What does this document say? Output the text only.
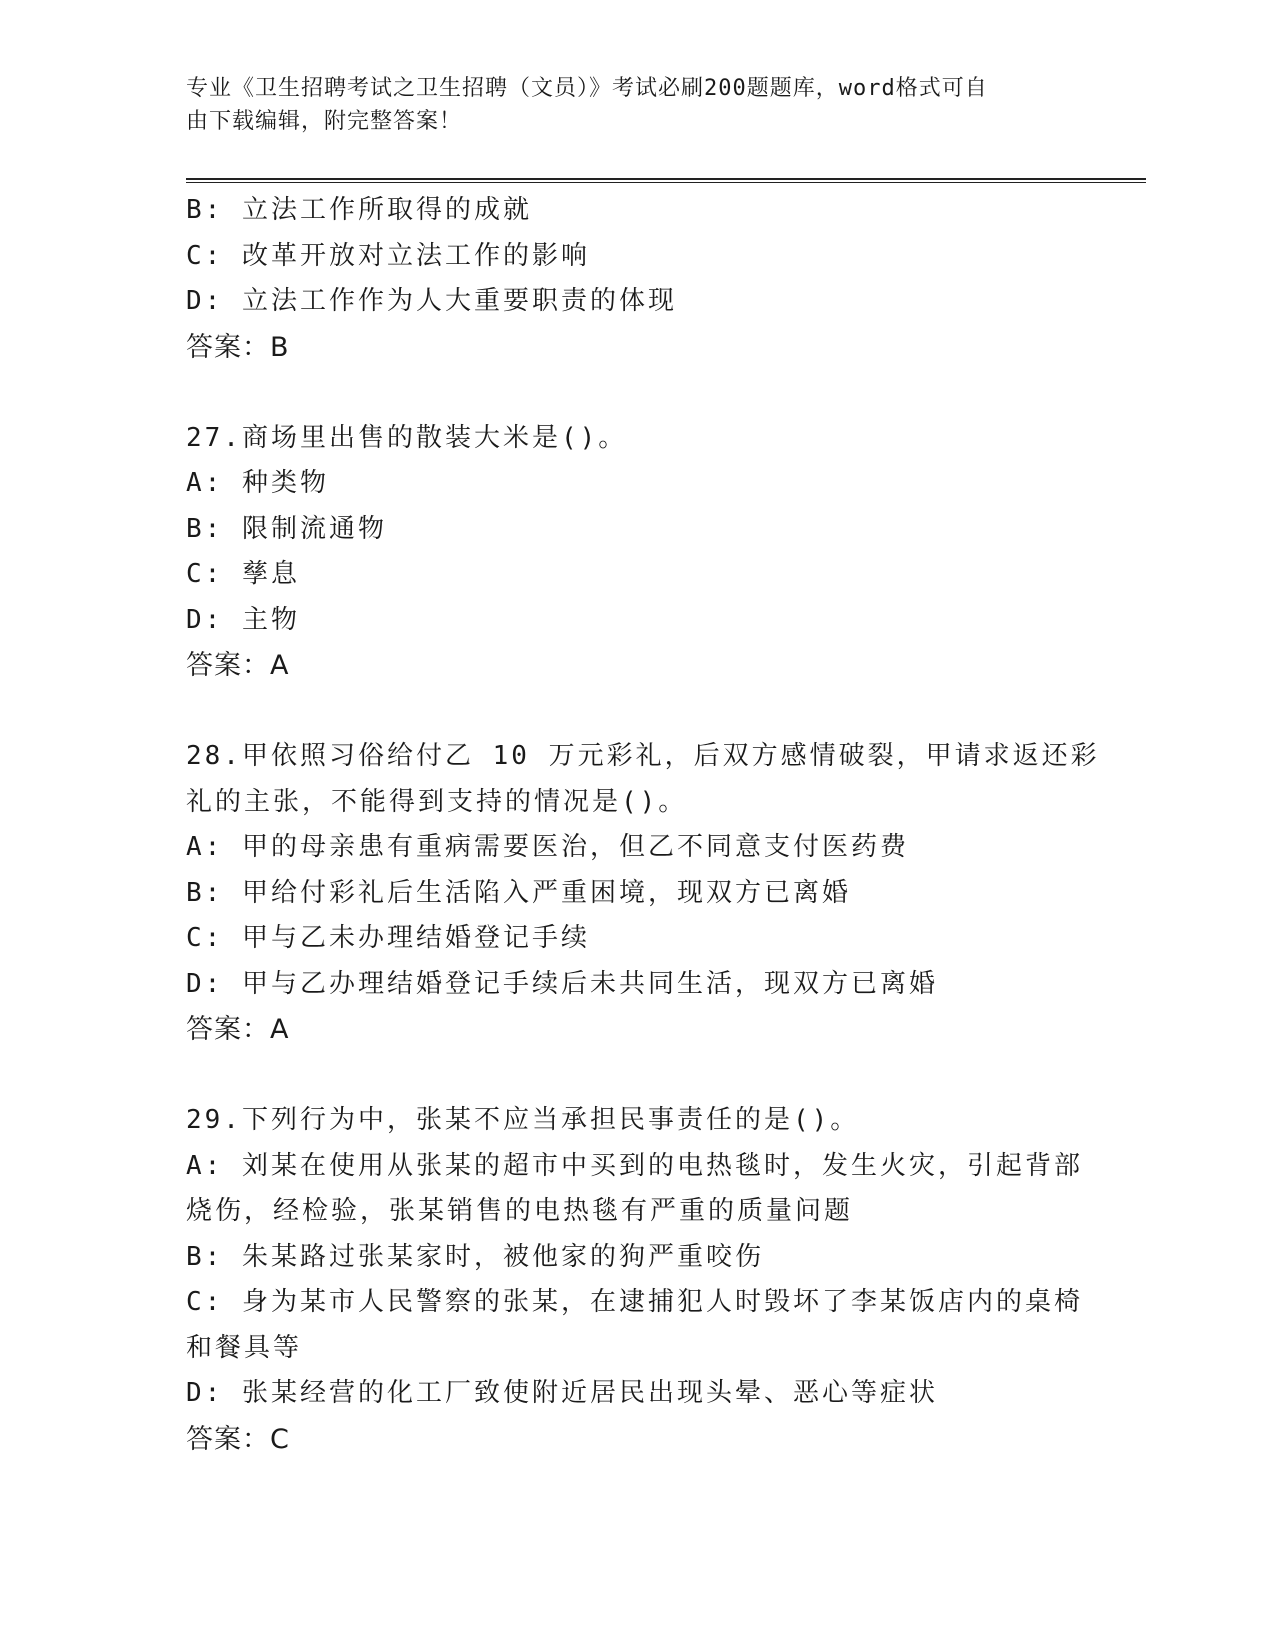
专业《卫生招聘考试之卫生招聘（文员）》考试必刷200题题库，word格式可自
由下载编辑，附完整答案！
B: 立法工作所取得的成就
C: 改革开放对立法工作的影响
D: 立法工作作为人大重要职责的体现
答案：B
27.商场里出售的散装大米是()。
A: 种类物
B: 限制流通物
C: 孳息
D: 主物
答案：A
28.甲依照习俗给付乙 10 万元彩礼，后双方感情破裂，甲请求返还彩
礼的主张，不能得到支持的情况是()。
A: 甲的母亲患有重病需要医治，但乙不同意支付医药费
B: 甲给付彩礼后生活陷入严重困境，现双方已离婚
C: 甲与乙未办理结婚登记手续
D: 甲与乙办理结婚登记手续后未共同生活，现双方已离婚
答案：A
29.下列行为中，张某不应当承担民事责任的是()。
A: 刘某在使用从张某的超市中买到的电热毯时，发生火灾，引起背部
烧伤，经检验，张某销售的电热毯有严重的质量问题
B: 朱某路过张某家时，被他家的狗严重咬伤
C: 身为某市人民警察的张某，在逮捕犯人时毁坏了李某饭店内的桌椅
和餐具等
D: 张某经营的化工厂致使附近居民出现头晕、恶心等症状
答案：C
